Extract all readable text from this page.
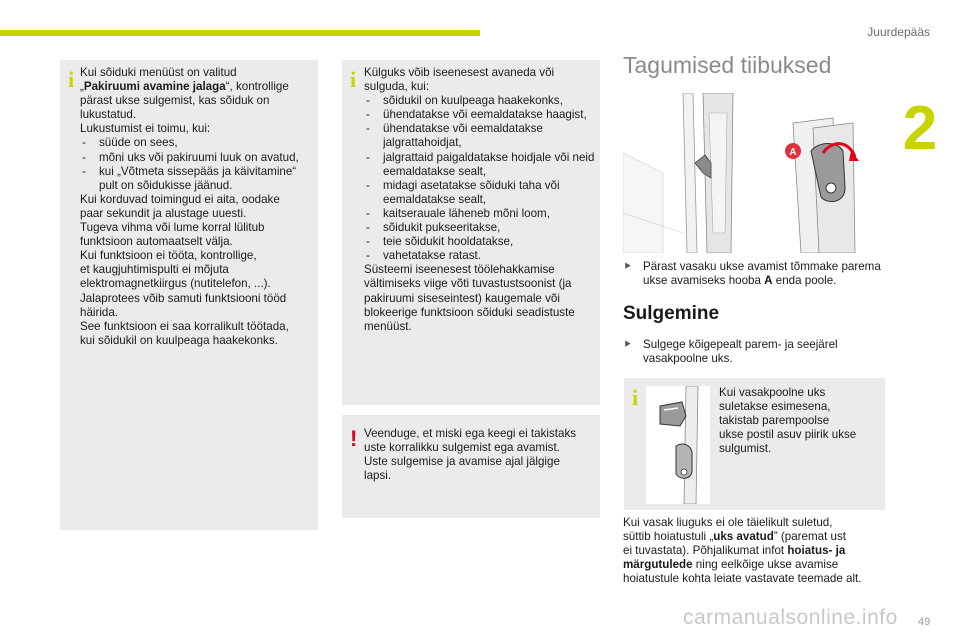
Juurdepääs
2
i Kui sõiduki menüüst on valitud

„Pakiruumi avamine jalaga“, kontrollige

pärast ukse sulgemist, kas sõiduk on

lukustatud.

Lukustumist ei toimu, kui:

- süüde on sees,

- mõni uks või pakiruumi luuk on avatud,

- kui „Võtmeta sissepääs ja käivitamine“ pult on sõidukisse jäänud.

Kui korduvad toimingud ei aita, oodake

paar sekundit ja alustage uuesti.

Tugeva vihma või lume korral lülitub

funktsioon automaatselt välja.

Kui funktsioon ei tööta, kontrollige,

et kaugjuhtimispulti ei mõjuta

elektromagnetkiirgus (nutitelefon, ...).

Jalaprotees võib samuti funktsiooni tööd

häirida.

See funktsioon ei saa korralikult töötada,

kui sõidukil on kuulpeaga haakekonks.

i Külguks võib iseenesest avaneda või

sulguda, kui:

- sõidukil on kuulpeaga haakekonks,

- ühendatakse või eemaldatakse haagist,

- ühendatakse või eemaldatakse jalgrattahoidjat,

- jalgrattaid paigaldatakse hoidjale või neid eemaldatakse sealt,

- midagi asetatakse sõiduki taha või eemaldatakse sealt,

- kaitserauale läheneb mõni loom,

- sõidukit pukseeritakse,

- teie sõidukit hooldatakse,

- vahetatakse ratast.

Süsteemi iseenesest töölehakkamise

vältimiseks viige võti tuvastustsoonist (ja

pakiruumi siseseintest) kaugemale või

blokeerige funktsioon sõiduki seadistuste

menüüst.

! Veenduge, et miski ega keegi ei takistaks

uste korralikku sulgemist ega avamist.

Uste sulgemise ja avamise ajal jälgige

lapsi.

Tagumised tiibuksed
A
⯈ Pärast vasaku ukse avamist tõmmake parema ukse avamiseks hooba A enda poole.
Sulgemine
⯈ Sulgege kõigepealt parem- ja seejärel vasakpoolne uks.
i	Kui vasakpoolne uks

suletakse esimesena,

takistab parempoolse

ukse postil asuv piirik ukse

sulgumist.

Kui vasak liuguks ei ole täielikult suletud,

süttib hoiatustuli „uks avatud” (paremat ust

ei tuvastata). Põhjalikumat infot hoiatus- ja

märgutulede ning eelkõige ukse avamise

hoiatustule kohta leiate vastavate teemade alt.

carmanualsonline.info 49
